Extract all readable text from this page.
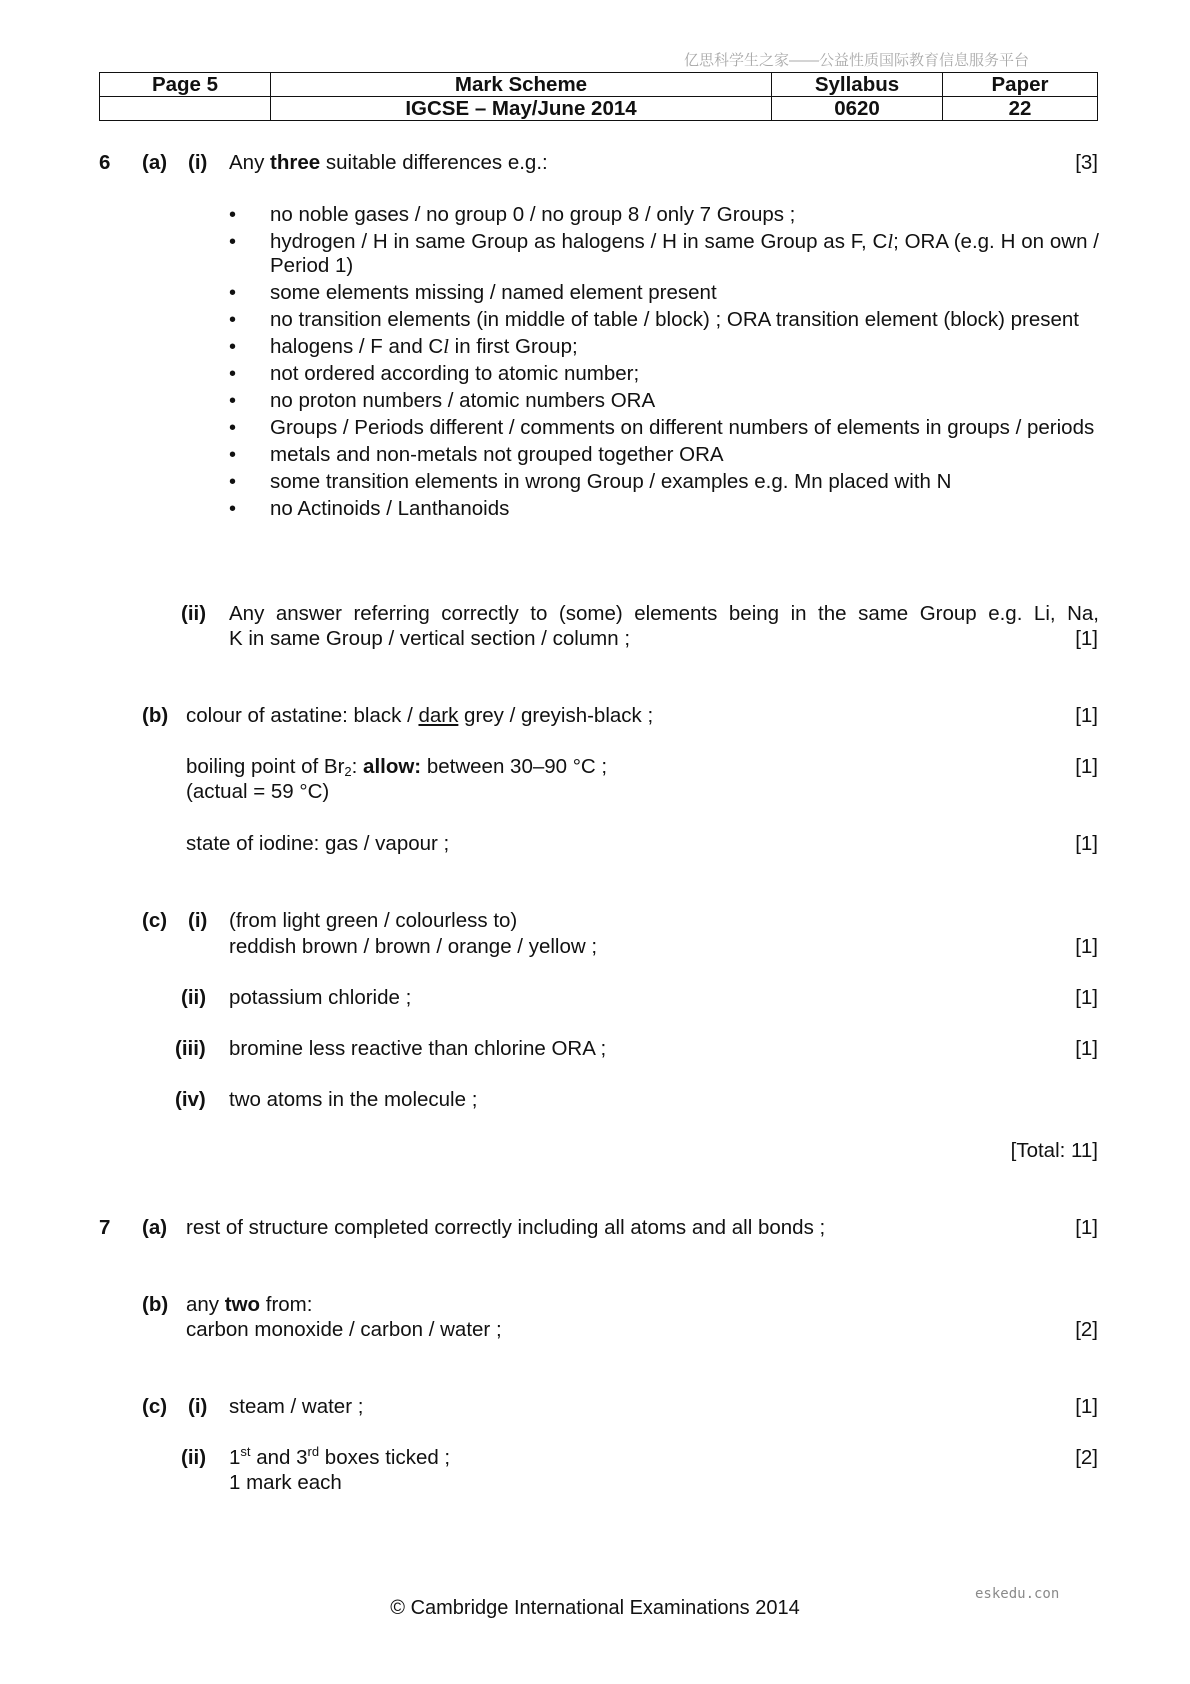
亿思科学生之家——公益性质国际教育信息服务平台
Page 5	Mark Scheme	Syllabus	Paper
	IGCSE – May/June 2014	0620	22
6 (a) (i) Any three suitable differences e.g.:	[3]
• no noble gases / no group 0 / no group 8 / only 7 Groups ;
• hydrogen / H in same Group as halogens / H in same Group as F, Cl; ORA (e.g. H on own / Period 1)
• some elements missing / named element present
• no transition elements (in middle of table / block) ; ORA transition element (block) present
• halogens / F and Cl in first Group;
• not ordered according to atomic number;
• no proton numbers / atomic numbers ORA
• Groups / Periods different / comments on different numbers of elements in groups / periods
• metals and non-metals not grouped together ORA
• some transition elements in wrong Group / examples e.g. Mn placed with N
• no Actinoids / Lanthanoids
(ii) Any answer referring correctly to (some) elements being in the same Group e.g. Li, Na,
K in same Group / vertical section / column ;	[1]
(b) colour of astatine: black / dark grey / greyish-black ;	[1]
boiling point of $Br_2$: allow: between 30–90 °C ;
(actual = 59 °C)
[1]
state of iodine: gas / vapour ;	[1]
(c) (i) (from light green / colourless to)
reddish brown / brown / orange / yellow ;	[1]
(ii) potassium chloride ;	[1]
(iii) bromine less reactive than chlorine ORA ;	[1]
(iv) two atoms in the molecule ;
[Total: 11]
7 (a) rest of structure completed correctly including all atoms and all bonds ;	[1]
(b) any two from:
carbon monoxide / carbon / water ;	[2]
(c) (i) steam / water ;	[1]
(ii) 1st and 3rd boxes ticked ;
1 mark each
[2]
eskedu.con
© Cambridge International Examinations 2014
